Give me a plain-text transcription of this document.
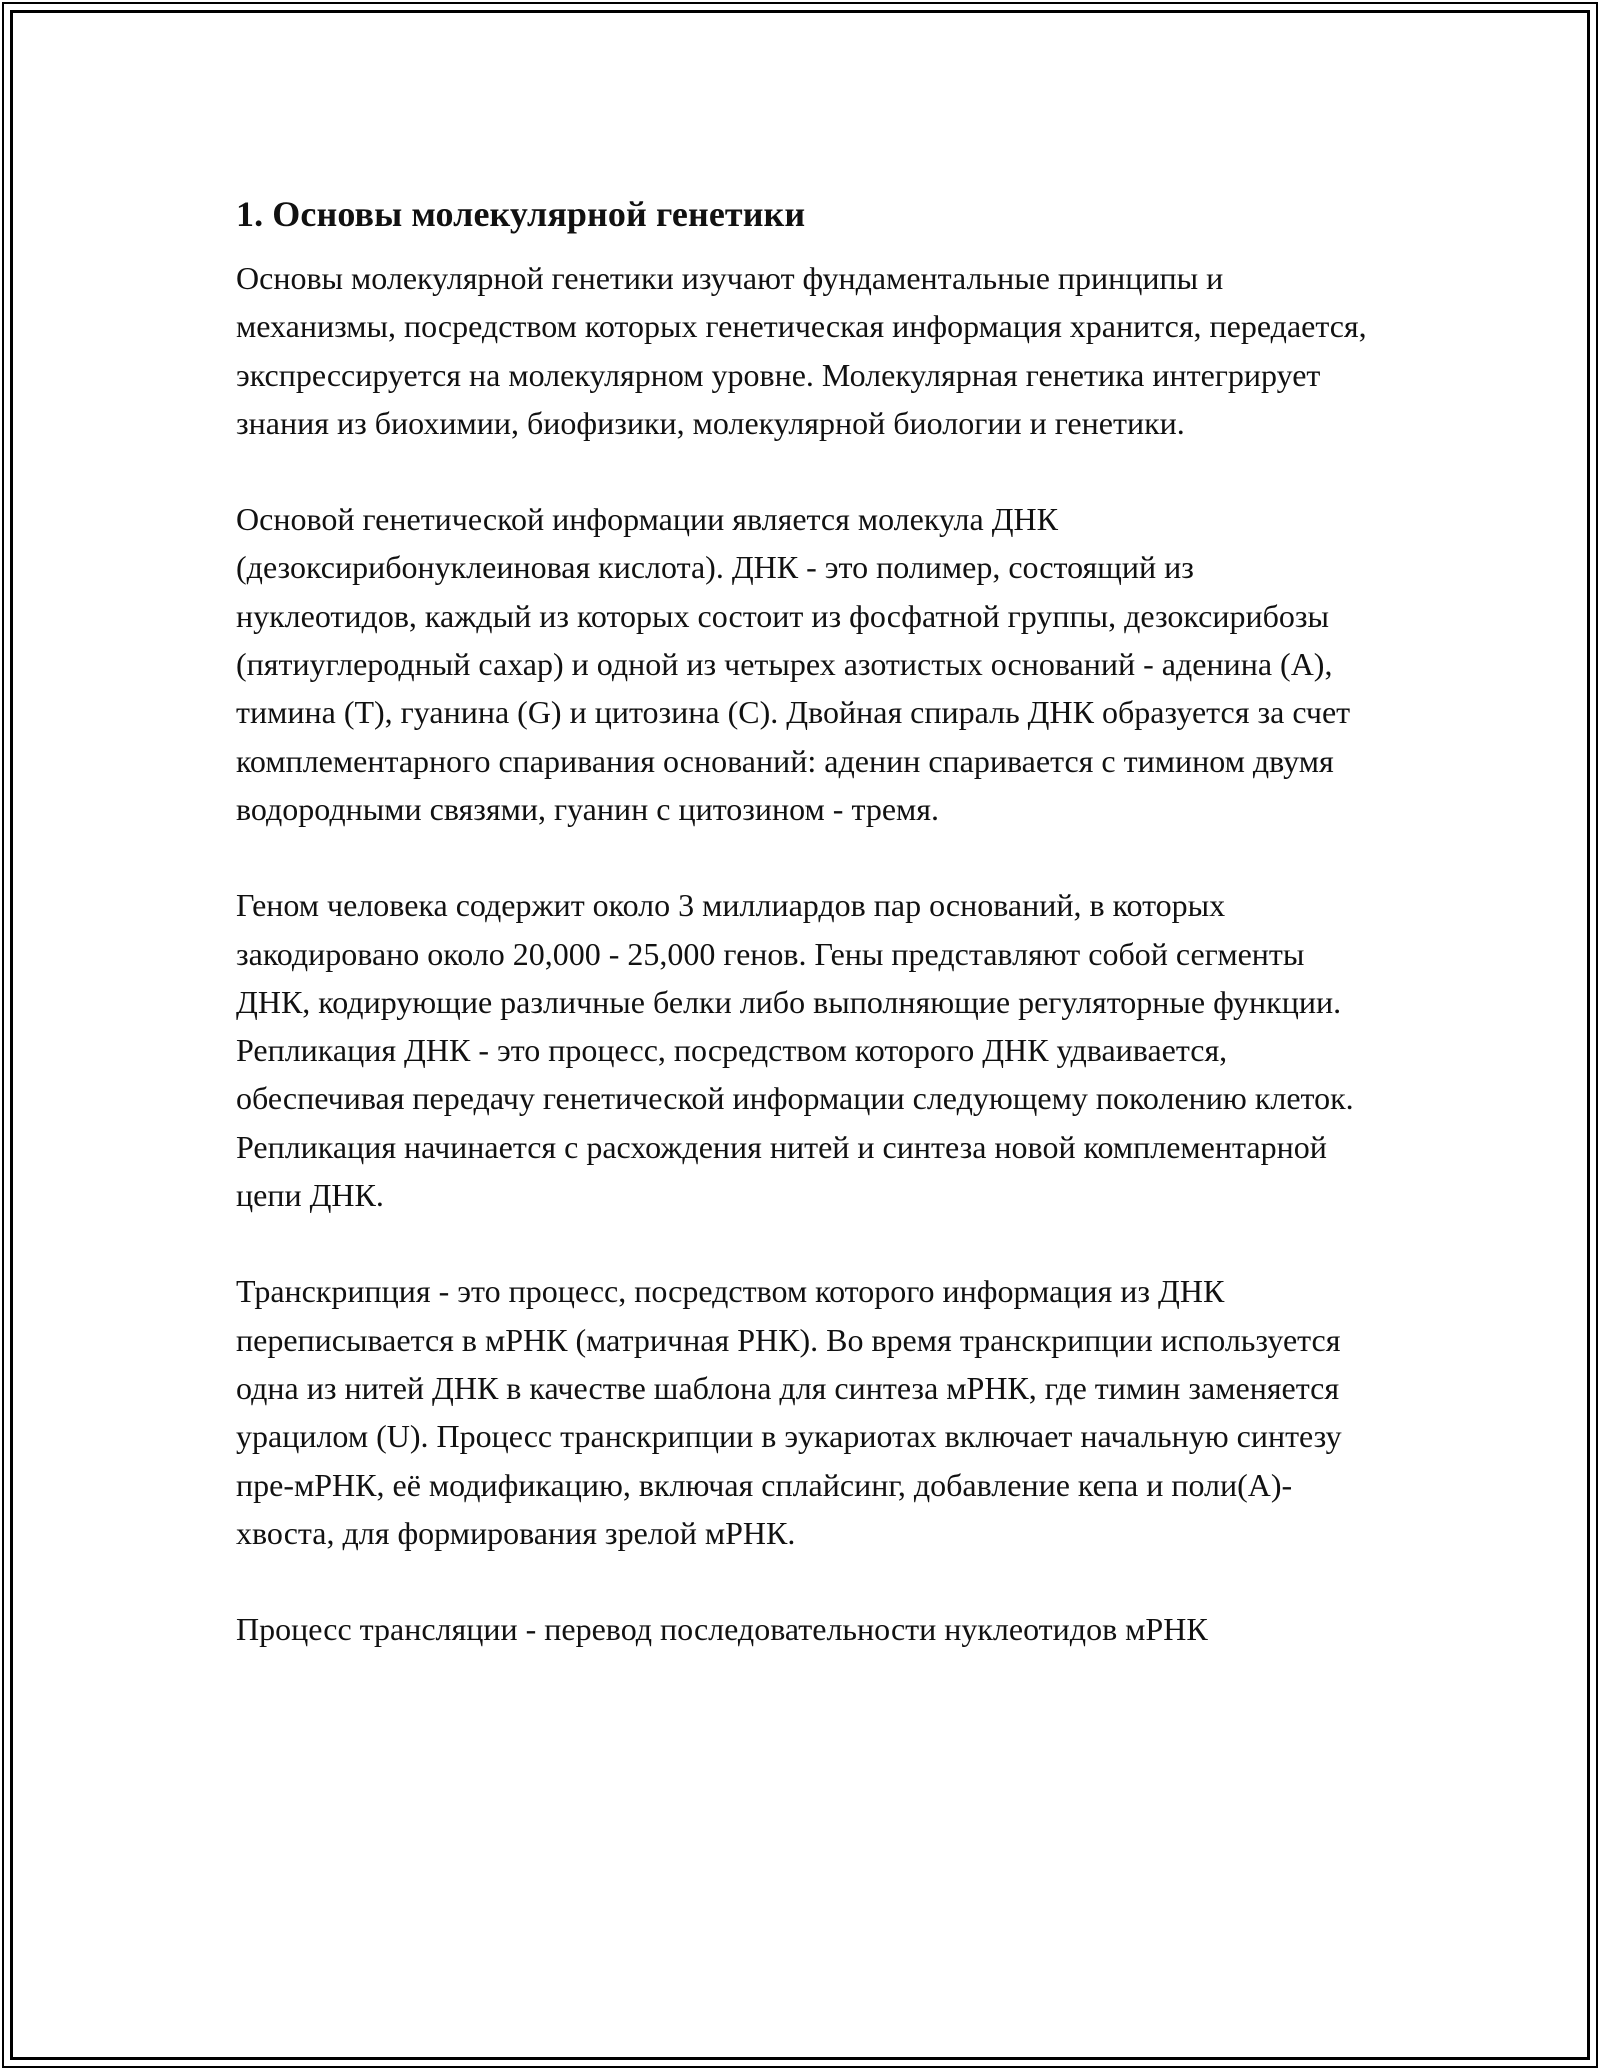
1. Основы молекулярной генетики

Основы молекулярной генетики изучают фундаментальные принципы и механизмы, посредством которых генетическая информация хранится, передается, экспрессируется на молекулярном уровне. Молекулярная генетика интегрирует знания из биохимии, биофизики, молекулярной биологии и генетики.

Основой генетической информации является молекула ДНК (дезоксирибонуклеиновая кислота). ДНК - это полимер, состоящий из нуклеотидов, каждый из которых состоит из фосфатной группы, дезоксирибозы (пятиуглеродный сахар) и одной из четырех азотистых оснований - аденина (A), тимина (T), гуанина (G) и цитозина (C). Двойная спираль ДНК образуется за счет комплементарного спаривания оснований: аденин спаривается с тимином двумя водородными связями, гуанин с цитозином - тремя.

Геном человека содержит около 3 миллиардов пар оснований, в которых закодировано около 20,000 - 25,000 генов. Гены представляют собой сегменты ДНК, кодирующие различные белки либо выполняющие регуляторные функции. Репликация ДНК - это процесс, посредством которого ДНК удваивается, обеспечивая передачу генетической информации следующему поколению клеток. Репликация начинается с расхождения нитей и синтеза новой комплементарной цепи ДНК.

Транскрипция - это процесс, посредством которого информация из ДНК переписывается в мРНК (матричная РНК). Во время транскрипции используется одна из нитей ДНК в качестве шаблона для синтеза мРНК, где тимин заменяется урацилом (U). Процесс транскрипции в эукариотах включает начальную синтезу пре-мРНК, её модификацию, включая сплайсинг, добавление кепа и поли(A)-хвоста, для формирования зрелой мРНК.

Процесс трансляции - перевод последовательности нуклеотидов мРНК
